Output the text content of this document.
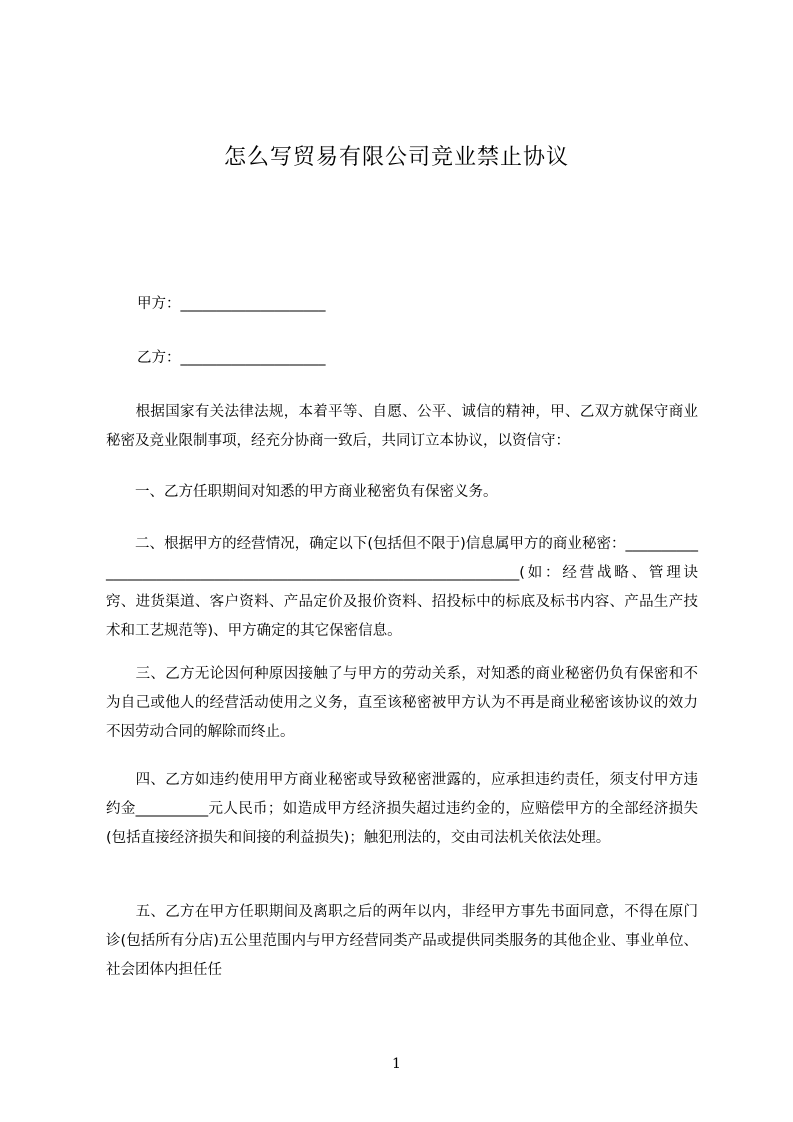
怎么写贸易有限公司竞业禁止协议
甲方：____________________
乙方：____________________
　　根据国家有关法律法规，本着平等、自愿、公平、诚信的精神，甲、乙双方就保守商业秘密及竞业限制事项，经充分协商一致后，共同订立本协议，以资信守：
　　一、乙方任职期间对知悉的甲方商业秘密负有保密义务。
　　二、根据甲方的经营情况，确定以下(包括但不限于)信息属甲方的商业秘密：___________________________________________________________________(如：经营战略、管理诀窍、进货渠道、客户资料、产品定价及报价资料、招投标中的标底及标书内容、产品生产技术和工艺规范等)、甲方确定的其它保密信息。
　　三、乙方无论因何种原因接触了与甲方的劳动关系，对知悉的商业秘密仍负有保密和不为自己或他人的经营活动使用之义务，直至该秘密被甲方认为不再是商业秘密该协议的效力不因劳动合同的解除而终止。
　　四、乙方如违约使用甲方商业秘密或导致秘密泄露的，应承担违约责任，须支付甲方违约金__________元人民币；如造成甲方经济损失超过违约金的，应赔偿甲方的全部经济损失(包括直接经济损失和间接的利益损失)；触犯刑法的，交由司法机关依法处理。
　　五、乙方在甲方任职期间及离职之后的两年以内，非经甲方事先书面同意，不得在原门诊(包括所有分店)五公里范围内与甲方经营同类产品或提供同类服务的其他企业、事业单位、社会团体内担任任
1
